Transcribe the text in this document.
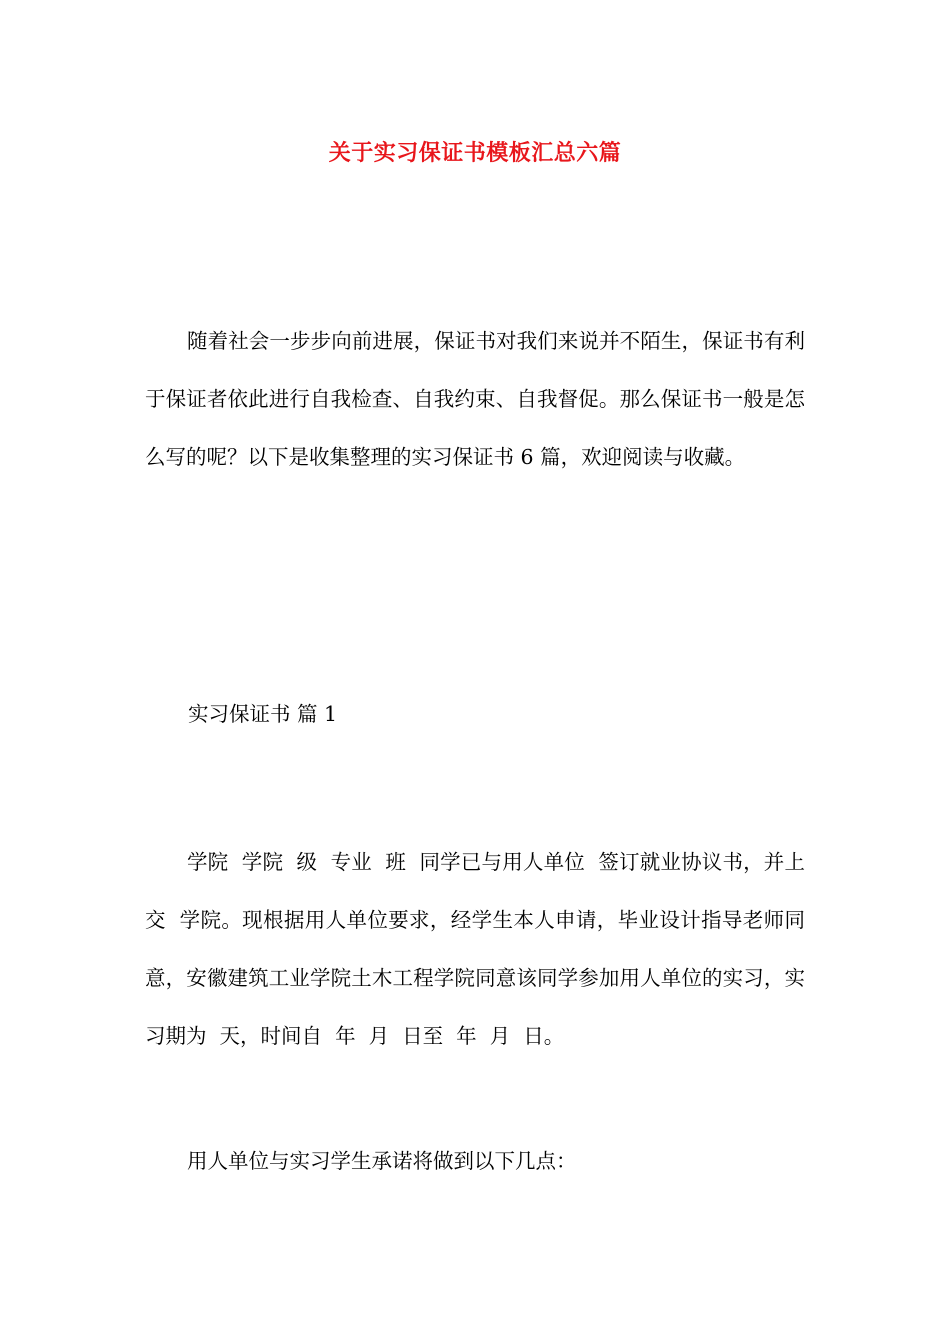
关于实习保证书模板汇总六篇

随着社会一步步向前进展，保证书对我们来说并不陌生，保证书有利于保证者依此进行自我检查、自我约束、自我督促。那么保证书一般是怎么写的呢？以下是收集整理的实习保证书 6 篇，欢迎阅读与收藏。

实习保证书 篇 1

学院  学院  级  专业  班  同学已与用人单位  签订就业协议书，并上交  学院。现根据用人单位要求，经学生本人申请，毕业设计指导老师同意，安徽建筑工业学院土木工程学院同意该同学参加用人单位的实习，实习期为  天，时间自  年  月  日至  年  月  日。

用人单位与实习学生承诺将做到以下几点：
